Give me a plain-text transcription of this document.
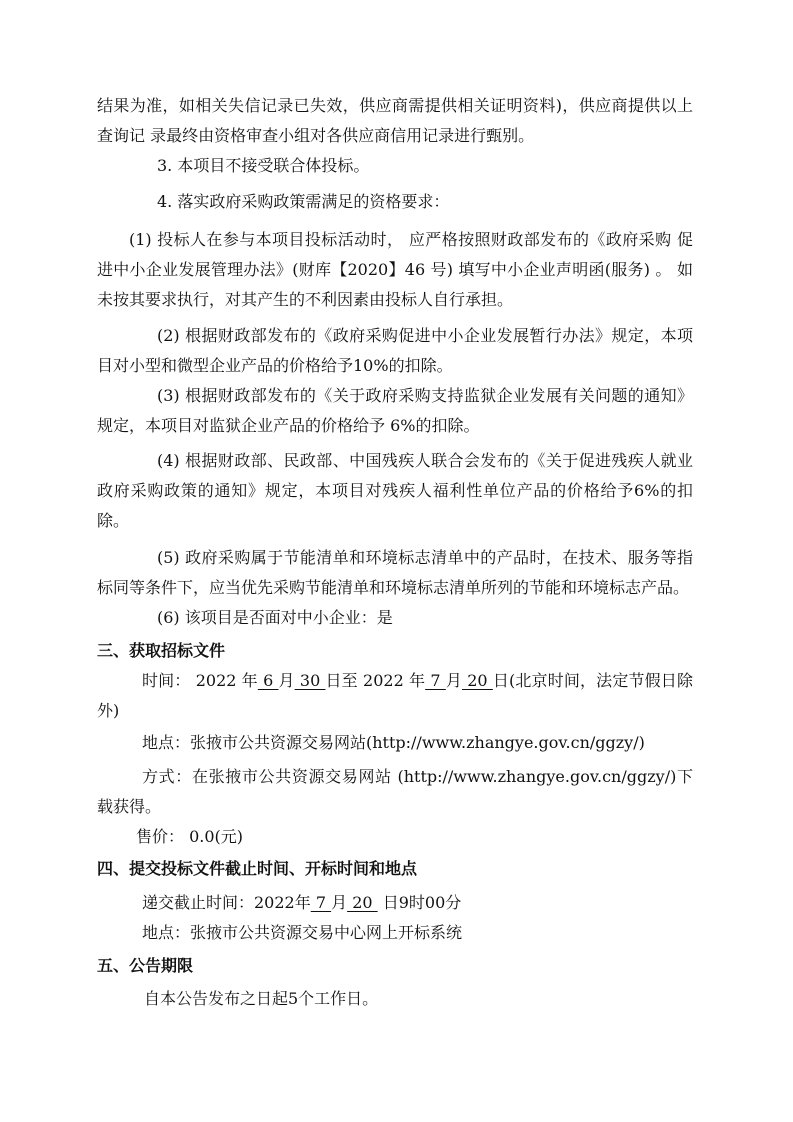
结果为准，如相关失信记录已失效，供应商需提供相关证明资料)，供应商提供以上查询记 录最终由资格审查小组对各供应商信用记录进行甄别。

3. 本项目不接受联合体投标。

4. 落实政府采购政策需满足的资格要求：

(1) 投标人在参与本项目投标活动时， 应严格按照财政部发布的《政府采购 促进中小企业发展管理办法》(财库【2020】46 号) 填写中小企业声明函(服务) 。 如未按其要求执行，对其产生的不利因素由投标人自行承担。

(2) 根据财政部发布的《政府采购促进中小企业发展暂行办法》规定，本项 目对小型和微型企业产品的价格给予10%的扣除。

(3) 根据财政部发布的《关于政府采购支持监狱企业发展有关问题的通知》 规定，本项目对监狱企业产品的价格给予 6%的扣除。

(4) 根据财政部、民政部、中国残疾人联合会发布的《关于促进残疾人就业政府采购政策的通知》规定，本项目对残疾人福利性单位产品的价格给予6%的扣除。

(5) 政府采购属于节能清单和环境标志清单中的产品时，在技术、服务等指标同等条件下，应当优先采购节能清单和环境标志清单所列的节能和环境标志产品。

(6) 该项目是否面对中小企业：是

三、获取招标文件

时间： 2022 年 6 月 30 日至 2022 年 7 月 20 日(北京时间，法定节假日除外)

地点：张掖市公共资源交易网站(http://www.zhangye.gov.cn/ggzy/)

方式：在张掖市公共资源交易网站 (http://www.zhangye.gov.cn/ggzy/)下载获得。

售价： 0.0(元)

四、提交投标文件截止时间、开标时间和地点

递交截止时间：2022年 7 月 20  日9时00分

地点：张掖市公共资源交易中心网上开标系统

五、公告期限

自本公告发布之日起5个工作日。
